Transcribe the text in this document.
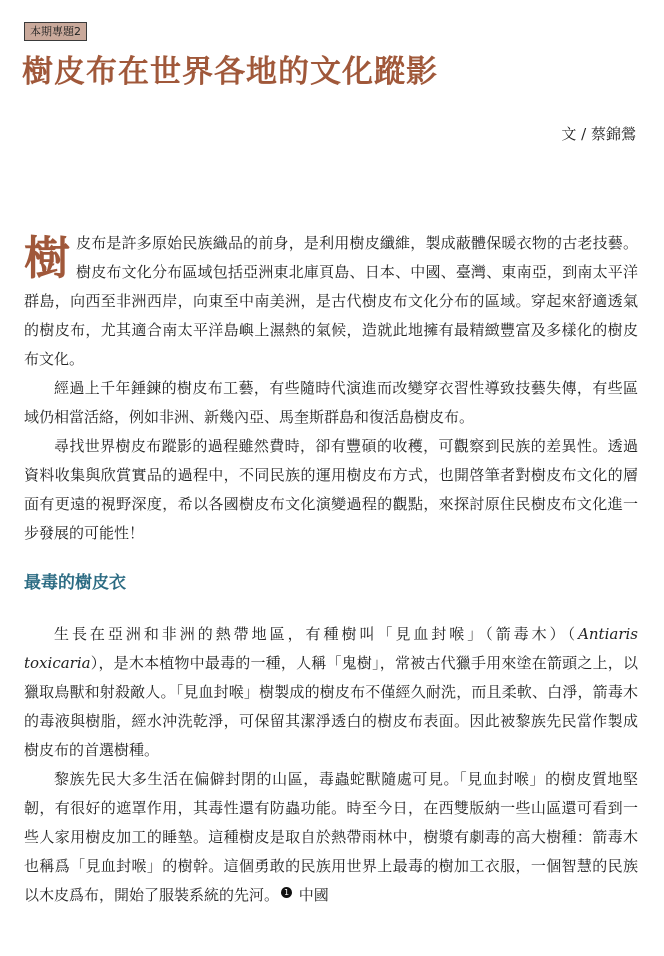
本期專題2
樹皮布在世界各地的文化蹤影
文 / 蔡錦鶯

樹皮布是許多原始民族織品的前身，是利用樹皮纖維，製成蔽體保暖衣物的古老技藝。樹皮布文化分布區域包括亞洲東北庫頁島、日本、中國、臺灣、東南亞，到南太平洋群島，向西至非洲西岸，向東至中南美洲，是古代樹皮布文化分布的區域。穿起來舒適透氣的樹皮布，尤其適合南太平洋島嶼上濕熱的氣候，造就此地擁有最精緻豐富及多樣化的樹皮布文化。

經過上千年錘鍊的樹皮布工藝，有些隨時代演進而改變穿衣習性導致技藝失傳，有些區域仍相當活絡，例如非洲、新幾內亞、馬奎斯群島和復活島樹皮布。

尋找世界樹皮布蹤影的過程雖然費時，卻有豐碩的收穫，可觀察到民族的差異性。透過資料收集與欣賞實品的過程中，不同民族的運用樹皮布方式，也開啓筆者對樹皮布文化的層面有更遠的視野深度，希以各國樹皮布文化演變過程的觀點，來探討原住民樹皮布文化進一步發展的可能性！

最毒的樹皮衣

生長在亞洲和非洲的熱帶地區，有種樹叫「見血封喉」（箭毒木）（Antiaris toxicaria），是木本植物中最毒的一種，人稱「鬼樹」，常被古代獵手用來塗在箭頭之上，以獵取鳥獸和射殺敵人。「見血封喉」樹製成的樹皮布不僅經久耐洗，而且柔軟、白淨，箭毒木的毒液與樹脂，經水沖洗乾淨，可保留其潔淨透白的樹皮布表面。因此被黎族先民當作製成樹皮布的首選樹種。

黎族先民大多生活在偏僻封閉的山區，毒蟲蛇獸隨處可見。「見血封喉」的樹皮質地堅韌，有很好的遮罩作用，其毒性還有防蟲功能。時至今日，在西雙版納一些山區還可看到一些人家用樹皮加工的睡墊。這種樹皮是取自於熱帶雨林中，樹漿有劇毒的高大樹種：箭毒木也稱爲「見血封喉」的樹幹。這個勇敢的民族用世界上最毒的樹加工衣服，一個智慧的民族以木皮爲布，開始了服裝系統的先河。 1 中國
